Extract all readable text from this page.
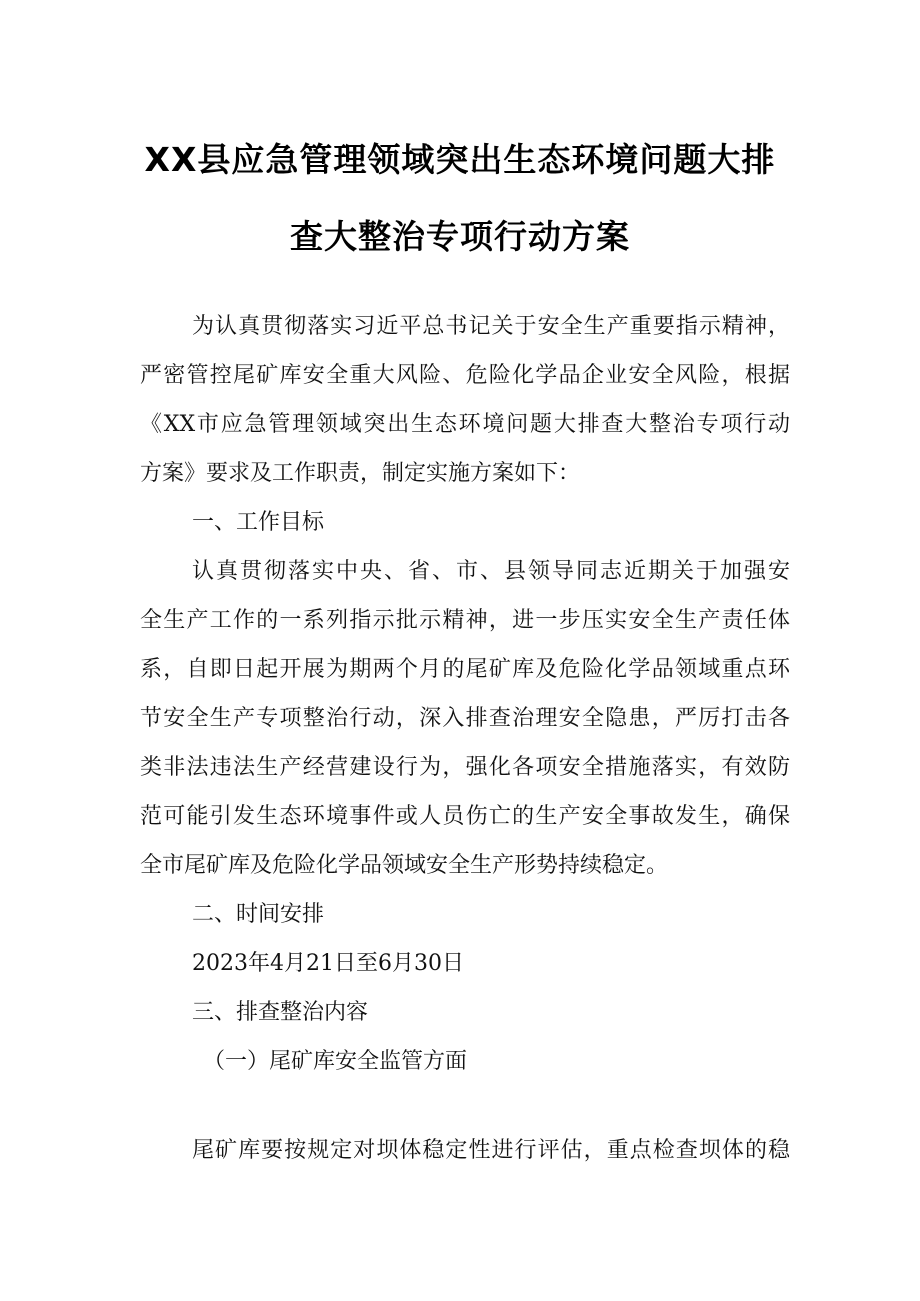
XX县应急管理领域突出生态环境问题大排
查大整治专项行动方案
为认真贯彻落实习近平总书记关于安全生产重要指示精神，
严密管控尾矿库安全重大风险、危险化学品企业安全风险，根据
《XX市应急管理领域突出生态环境问题大排查大整治专项行动
方案》要求及工作职责，制定实施方案如下：
一、工作目标
认真贯彻落实中央、省、市、县领导同志近期关于加强安
全生产工作的一系列指示批示精神，进一步压实安全生产责任体
系，自即日起开展为期两个月的尾矿库及危险化学品领域重点环
节安全生产专项整治行动，深入排查治理安全隐患，严厉打击各
类非法违法生产经营建设行为，强化各项安全措施落实，有效防
范可能引发生态环境事件或人员伤亡的生产安全事故发生，确保
全市尾矿库及危险化学品领域安全生产形势持续稳定。
二、时间安排
2023年4月21日至6月30日
三、排查整治内容
（一）尾矿库安全监管方面
尾矿库要按规定对坝体稳定性进行评估，重点检查坝体的稳
